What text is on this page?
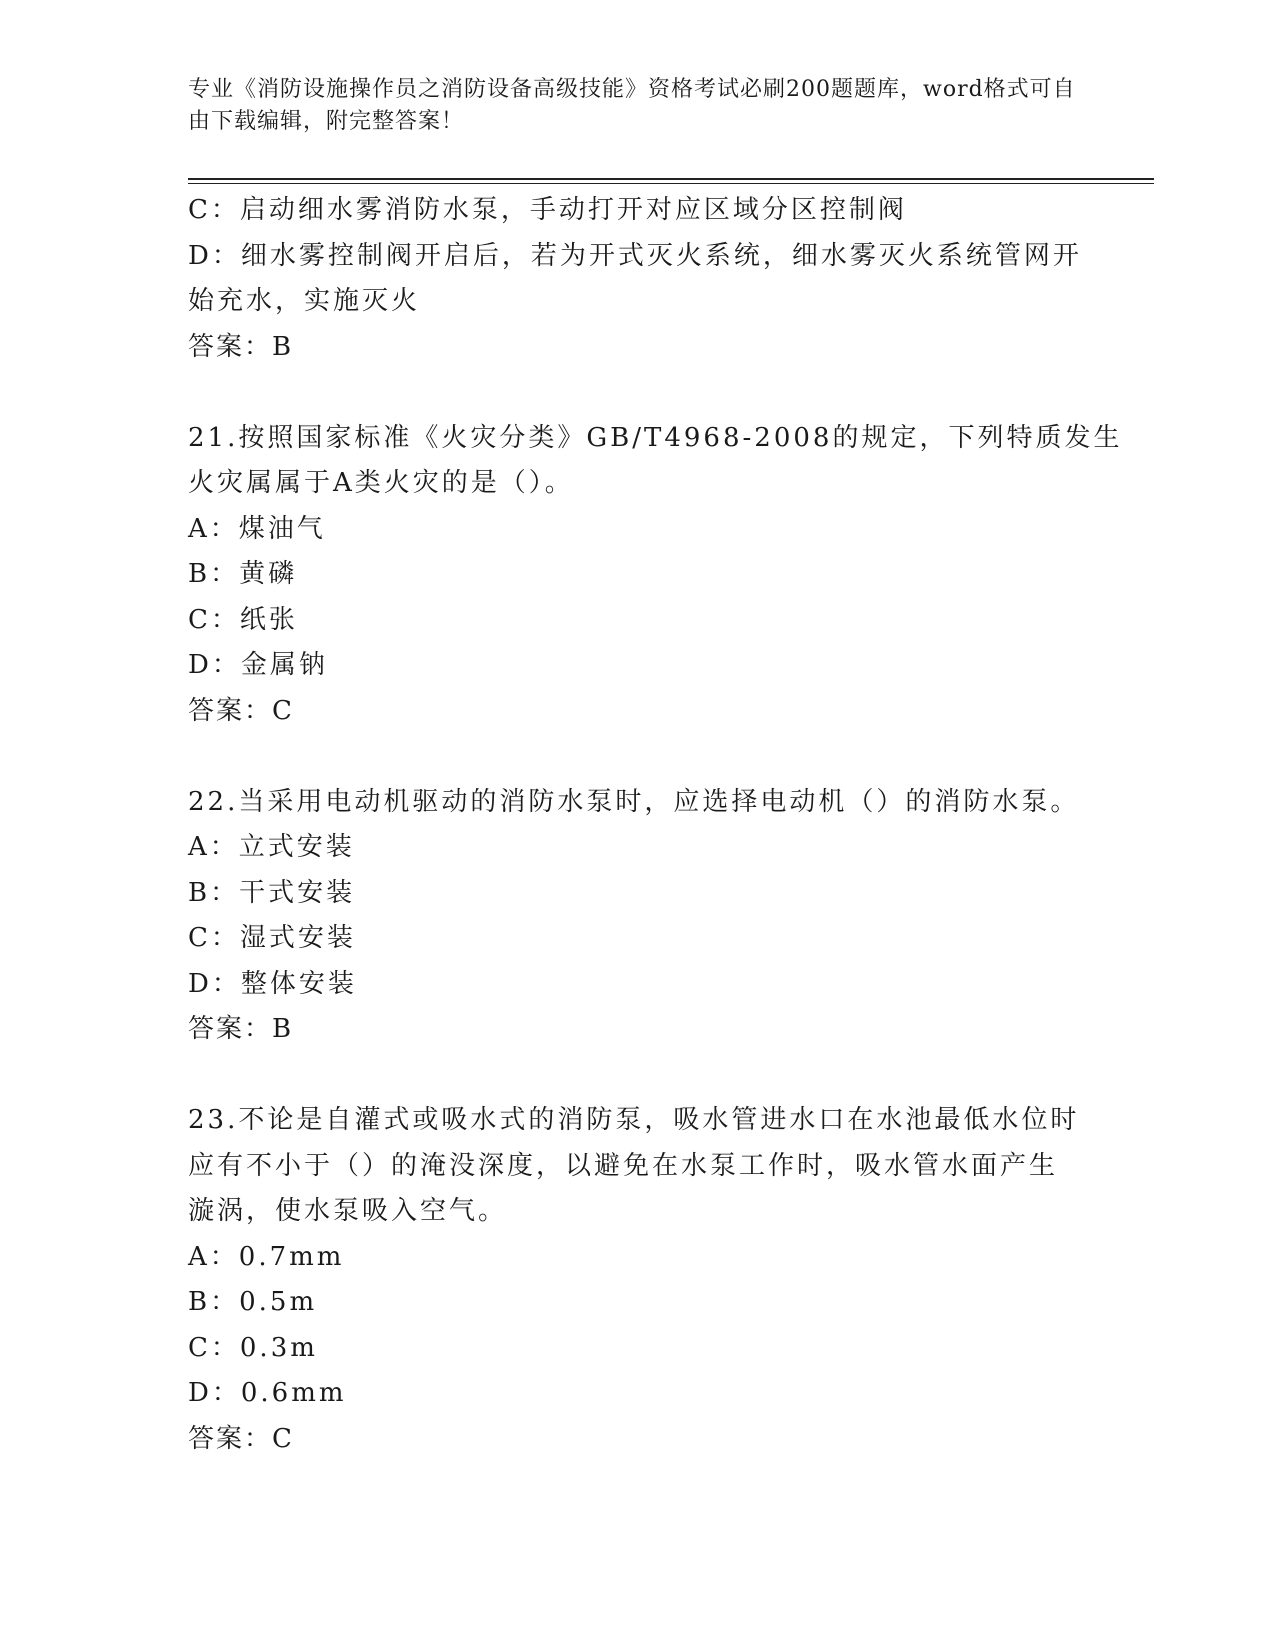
专业《消防设施操作员之消防设备高级技能》资格考试必刷200题题库，word格式可自由下载编辑，附完整答案！
C：启动细水雾消防水泵，手动打开对应区域分区控制阀
D：细水雾控制阀开启后，若为开式灭火系统，细水雾灭火系统管网开
始充水，实施灭火
答案：B
21.按照国家标准《火灾分类》GB/T4968-2008的规定，下列特质发生
火灾属属于A类火灾的是（）。
A：煤油气
B：黄磷
C：纸张
D：金属钠
答案：C
22.当采用电动机驱动的消防水泵时，应选择电动机（）的消防水泵。
A：立式安装
B：干式安装
C：湿式安装
D：整体安装
答案：B
23.不论是自灌式或吸水式的消防泵，吸水管进水口在水池最低水位时
应有不小于（）的淹没深度，以避免在水泵工作时，吸水管水面产生
漩涡，使水泵吸入空气。
A：0.7mm
B：0.5m
C：0.3m
D：0.6mm
答案：C
